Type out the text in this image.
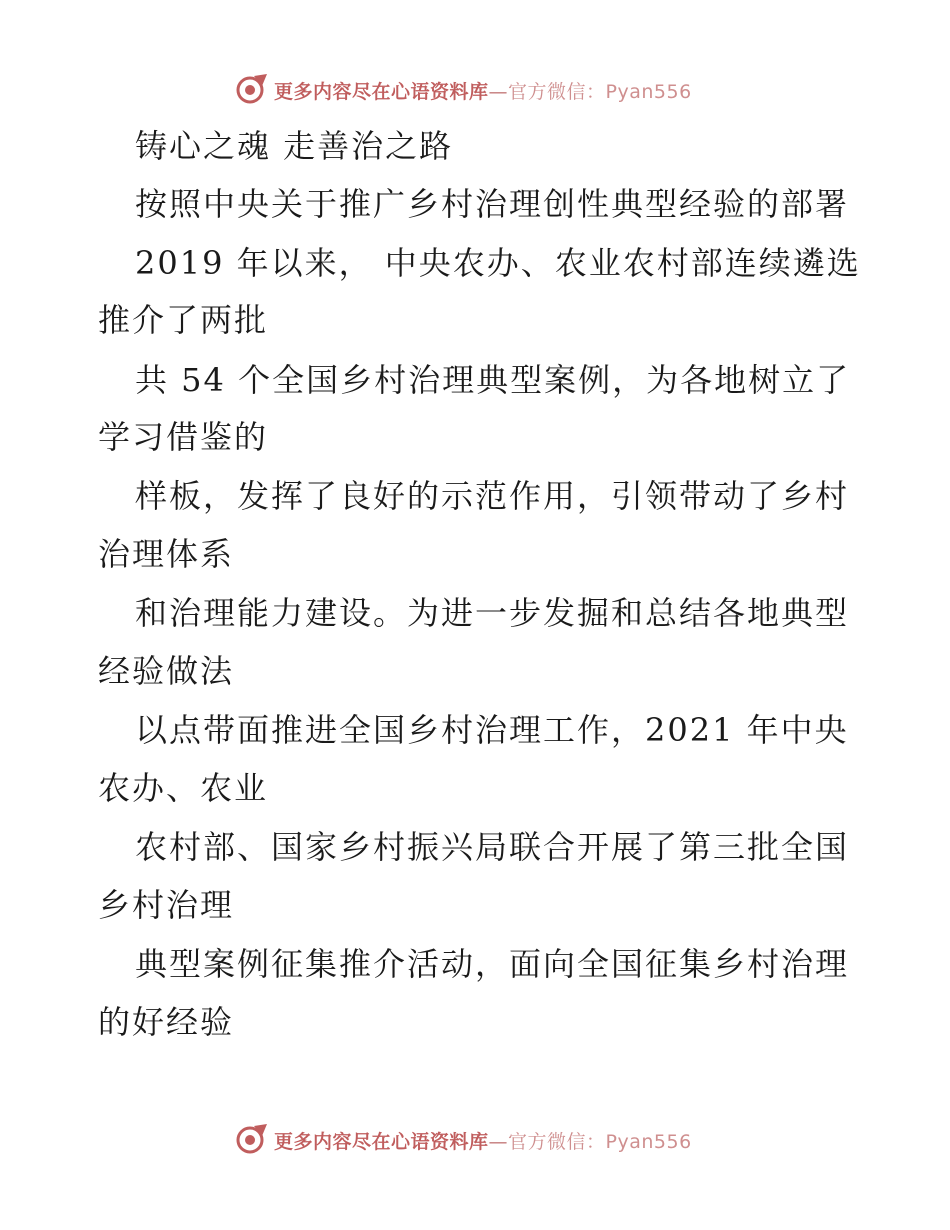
更多内容尽在心语资料库—官方微信：Pyan556
铸心之魂 走善治之路
按照中央关于推广乡村治理创性典型经验的部署
2019 年以来， 中央农办、农业农村部连续遴选
推介了两批
共 54 个全国乡村治理典型案例，为各地树立了
学习借鉴的
样板，发挥了良好的示范作用，引领带动了乡村
治理体系
和治理能力建设。为进一步发掘和总结各地典型
经验做法
以点带面推进全国乡村治理工作，2021 年中央
农办、农业
农村部、国家乡村振兴局联合开展了第三批全国
乡村治理
典型案例征集推介活动，面向全国征集乡村治理
的好经验
更多内容尽在心语资料库—官方微信：Pyan556
